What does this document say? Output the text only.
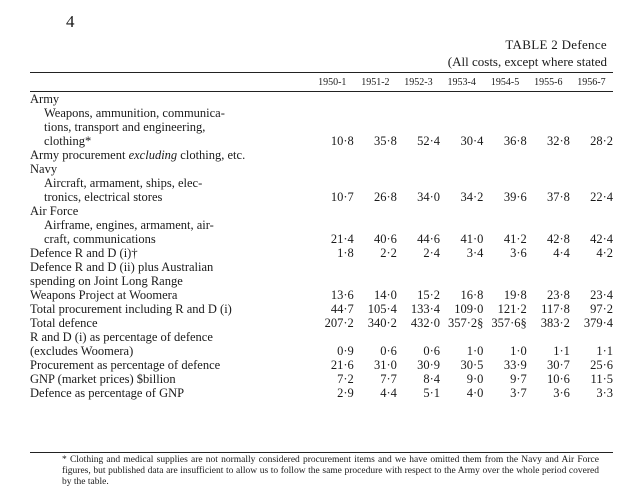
4
TABLE 2 Defence
(All costs, except where stated
	1950-1	1951-2	1952-3	1953-4	1954-5	1955-6	1956-7
Army							
Weapons, ammunition, communica-
tions, transport and engineering,
clothing*	10·8	35·8	52·4	30·4	36·8	32·8	28·2
Army procurement excluding clothing, etc.							
Navy							
Aircraft, armament, ships, elec-
tronics, electrical stores	10·7	26·8	34·0	34·2	39·6	37·8	22·4
Air Force							
Airframe, engines, armament, air-
craft, communications	21·4	40·6	44·6	41·0	41·2	42·8	42·4
Defence R and D (i)†	1·8	2·2	2·4	3·4	3·6	4·4	4·2
Defence R and D (ii) plus Australian
spending on Joint Long Range
Weapons Project at Woomera	13·6	14·0	15·2	16·8	19·8	23·8	23·4
Total procurement including R and D (i)	44·7	105·4	133·4	109·0	121·2	117·8	97·2
Total defence	207·2	340·2	432·0	357·2§	357·6§	383·2	379·4
R and D (i) as percentage of defence
(excludes Woomera)	0·9	0·6	0·6	1·0	1·0	1·1	1·1
Procurement as percentage of defence	21·6	31·0	30·9	30·5	33·9	30·7	25·6
GNP (market prices) $billion	7·2	7·7	8·4	9·0	9·7	10·6	11·5
Defence as percentage of GNP	2·9	4·4	5·1	4·0	3·7	3·6	3·3
* Clothing and medical supplies are not normally considered procurement items and we have omitted them from the Navy and Air Force figures, but published data are insufficient to allow us to follow the same procedure with respect to the Army over the whole period covered by the table.
